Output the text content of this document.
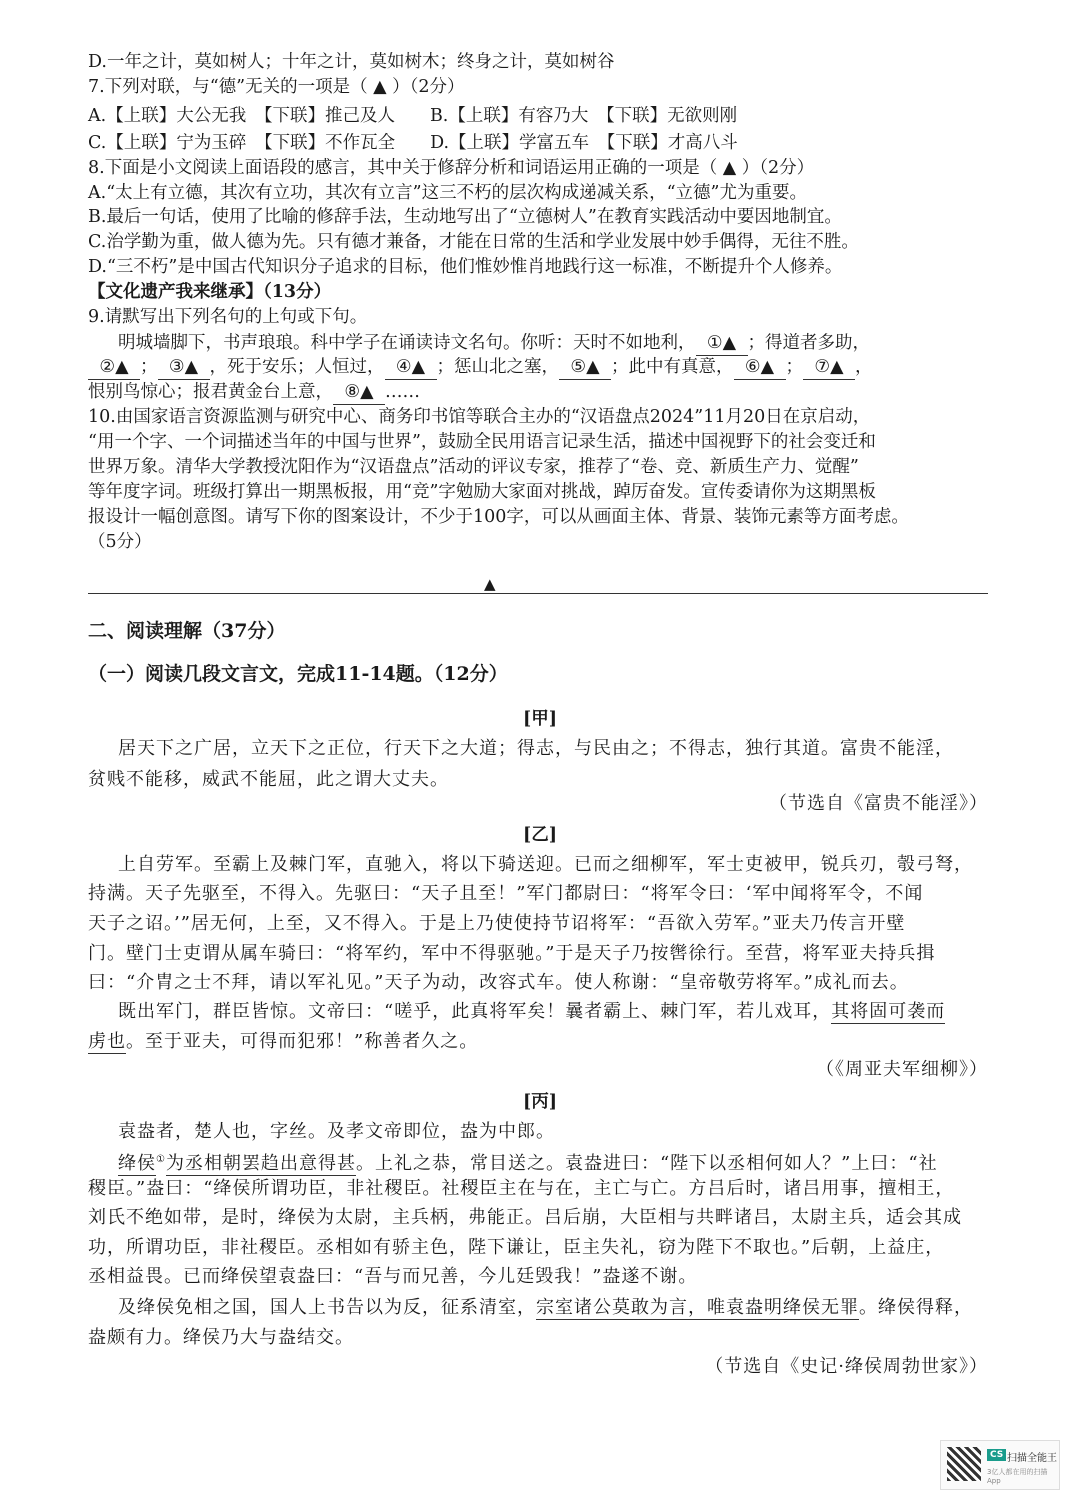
D.一年之计，莫如树人；十年之计，莫如树木；终身之计，莫如树谷
7.下列对联，与“德”无关的一项是（ ▲ ）（2分）
A.【上联】大公无我　【下联】推己及人　　B.【上联】有容乃大　【下联】无欲则刚
C.【上联】宁为玉碎　【下联】不作瓦全　　D.【上联】学富五车　【下联】才高八斗
8.下面是小文阅读上面语段的感言，其中关于修辞分析和词语运用正确的一项是（ ▲ ）（2分）
A.“太上有立德，其次有立功，其次有立言”这三不朽的层次构成递减关系，“立德”尤为重要。
B.最后一句话，使用了比喻的修辞手法，生动地写出了“立德树人”在教育实践活动中要因地制宜。
C.治学勤为重，做人德为先。只有德才兼备，才能在日常的生活和学业发展中妙手偶得，无往不胜。
D.“三不朽”是中国古代知识分子追求的目标，他们惟妙惟肖地践行这一标准，不断提升个人修养。
【文化遗产我来继承】（13分）
9.请默写出下列名句的上句或下句。
明城墙脚下，书声琅琅。科中学子在诵读诗文名句。你听：天时不如地利， ①▲ ；得道者多助，
②▲ ； ③▲ ，死于安乐；人恒过， ④▲ ；惩山北之塞， ⑤▲ ；此中有真意， ⑥▲ ； ⑦▲ ，
恨别鸟惊心；报君黄金台上意， ⑧▲ ……
10.由国家语言资源监测与研究中心、商务印书馆等联合主办的“汉语盘点2024”11月20日在京启动，
“用一个字、一个词描述当年的中国与世界”，鼓励全民用语言记录生活，描述中国视野下的社会变迁和
世界万象。清华大学教授沈阳作为“汉语盘点”活动的评议专家，推荐了“卷、竞、新质生产力、觉醒”
等年度字词。班级打算出一期黑板报，用“竞”字勉励大家面对挑战，踔厉奋发。宣传委请你为这期黑板
报设计一幅创意图。请写下你的图案设计，不少于100字，可以从画面主体、背景、装饰元素等方面考虑。
（5分）
▲
二、阅读理解（37分）
（一）阅读几段文言文，完成11-14题。（12分）
[甲]
居天下之广居，立天下之正位，行天下之大道；得志，与民由之；不得志，独行其道。富贵不能淫，
贫贱不能移，威武不能屈，此之谓大丈夫。
（节选自《富贵不能淫》）
[乙]
上自劳军。至霸上及棘门军，直驰入，将以下骑送迎。已而之细柳军，军士吏被甲，锐兵刃，彀弓弩，
持满。天子先驱至，不得入。先驱曰：“天子且至！”军门都尉曰：“将军令曰：‘军中闻将军令，不闻
天子之诏。’”居无何，上至，又不得入。于是上乃使使持节诏将军：“吾欲入劳军。”亚夫乃传言开壁
门。壁门士吏谓从属车骑曰：“将军约，军中不得驱驰。”于是天子乃按辔徐行。至营，将军亚夫持兵揖
曰：“介胄之士不拜，请以军礼见。”天子为动，改容式车。使人称谢：“皇帝敬劳将军。”成礼而去。
既出军门，群臣皆惊。文帝曰：“嗟乎，此真将军矣！曩者霸上、棘门军，若儿戏耳，其将固可袭而
虏也。至于亚夫，可得而犯邪！”称善者久之。
（《周亚夫军细柳》）
[丙]
袁盎者，楚人也，字丝。及孝文帝即位，盎为中郎。
绛侯①为丞相朝罢趋出意得甚。上礼之恭，常目送之。袁盎进曰：“陛下以丞相何如人？”上曰：“社
稷臣。”盎曰：“绛侯所谓功臣，非社稷臣。社稷臣主在与在，主亡与亡。方吕后时，诸吕用事，擅相王，
刘氏不绝如带，是时，绛侯为太尉，主兵柄，弗能正。吕后崩，大臣相与共畔诸吕，太尉主兵，适会其成
功，所谓功臣，非社稷臣。丞相如有骄主色，陛下谦让，臣主失礼，窃为陛下不取也。”后朝，上益庄，
丞相益畏。已而绛侯望袁盎曰：“吾与而兄善，今儿廷毁我！”盎遂不谢。
及绛侯免相之国，国人上书告以为反，征系清室，宗室诸公莫敢为言，唯袁盎明绛侯无罪。绛侯得释，
盎颇有力。绛侯乃大与盎结交。
（节选自《史记·绛侯周勃世家》）
CS 扫描全能王
3亿人都在用的扫描App
